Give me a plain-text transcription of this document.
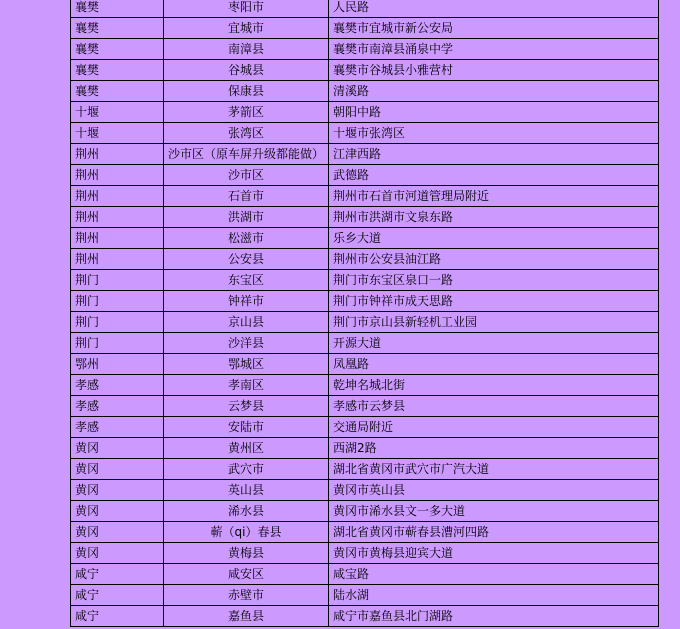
襄樊	枣阳市	人民路
襄樊	宜城市	襄樊市宜城市新公安局
襄樊	南漳县	襄樊市南漳县涌泉中学
襄樊	谷城县	襄樊市谷城县小雅营村
襄樊	保康县	清溪路
十堰	茅箭区	朝阳中路
十堰	张湾区	十堰市张湾区
荆州	沙市区（原车屏升级都能做）	江津西路
荆州	沙市区	武德路
荆州	石首市	荆州市石首市河道管理局附近
荆州	洪湖市	荆州市洪湖市文泉东路
荆州	松滋市	乐乡大道
荆州	公安县	荆州市公安县油江路
荆门	东宝区	荆门市东宝区泉口一路
荆门	钟祥市	荆门市钟祥市成天思路
荆门	京山县	荆门市京山县新轻机工业园
荆门	沙洋县	开源大道
鄂州	鄂城区	凤凰路
孝感	孝南区	乾坤名城北街
孝感	云梦县	孝感市云梦县
孝感	安陆市	交通局附近
黄冈	黄州区	西湖2路
黄冈	武穴市	湖北省黄冈市武穴市广汽大道
黄冈	英山县	黄冈市英山县
黄冈	浠水县	黄冈市浠水县文一多大道
黄冈	蕲（qi）春县	湖北省黄冈市蕲春县漕河四路
黄冈	黄梅县	黄冈市黄梅县迎宾大道
咸宁	咸安区	咸宝路
咸宁	赤壁市	陆水湖
咸宁	嘉鱼县	咸宁市嘉鱼县北门湖路
